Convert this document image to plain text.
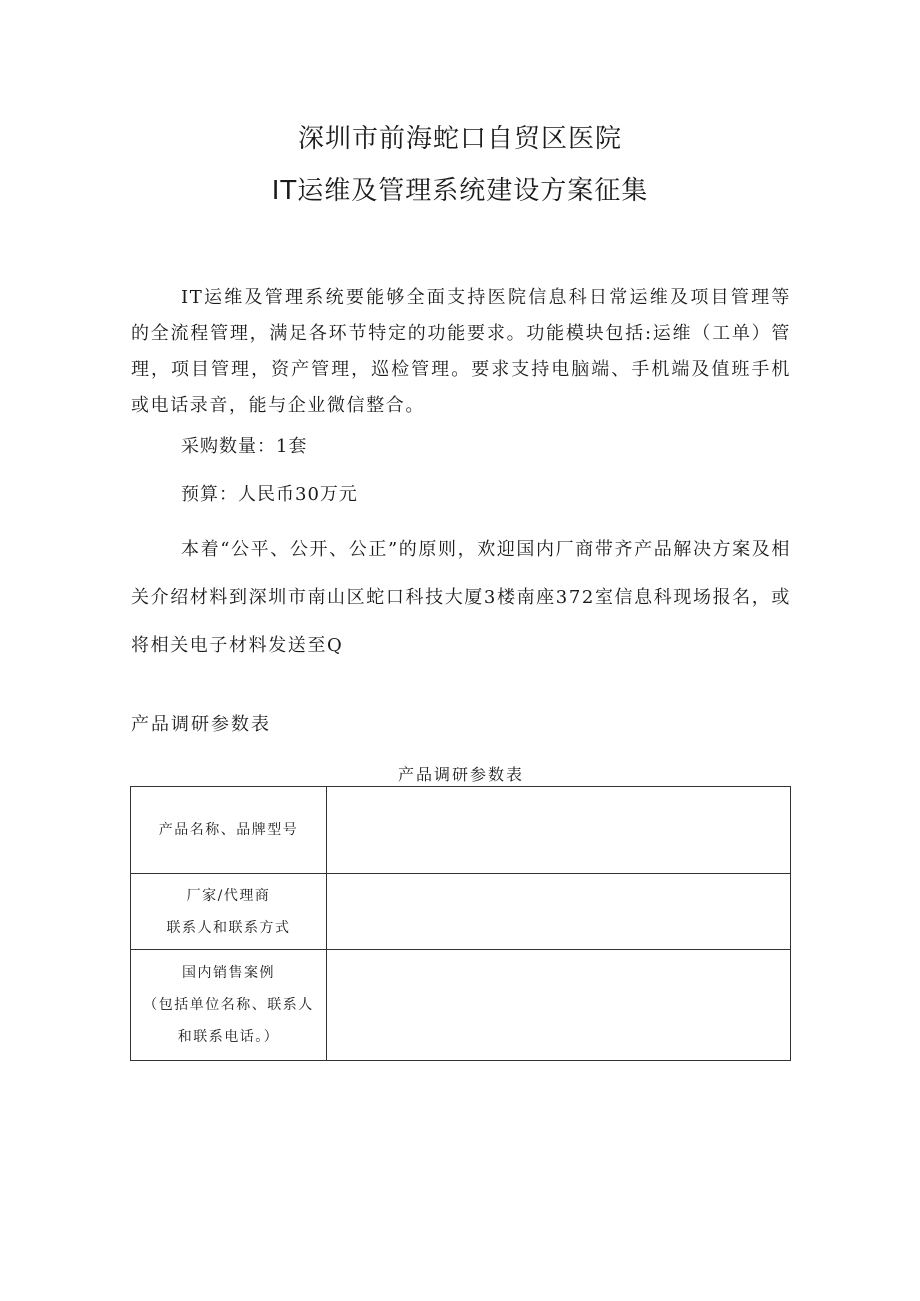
深圳市前海蛇口自贸区医院
IT运维及管理系统建设方案征集

IT运维及管理系统要能够全面支持医院信息科日常运维及项目管理等的全流程管理，满足各环节特定的功能要求。功能模块包括:运维（工单）管理，项目管理，资产管理，巡检管理。要求支持电脑端、手机端及值班手机或电话录音，能与企业微信整合。

采购数量：1套

预算：人民币30万元

本着“公平、公开、公正”的原则，欢迎国内厂商带齐产品解决方案及相关介绍材料到深圳市南山区蛇口科技大厦3楼南座372室信息科现场报名，或将相关电子材料发送至Q

产品调研参数表

产品调研参数表

产品名称、品牌型号	

厂家/代理商
联系人和联系方式	

国内销售案例
（包括单位名称、联系人
和联系电话。）	
